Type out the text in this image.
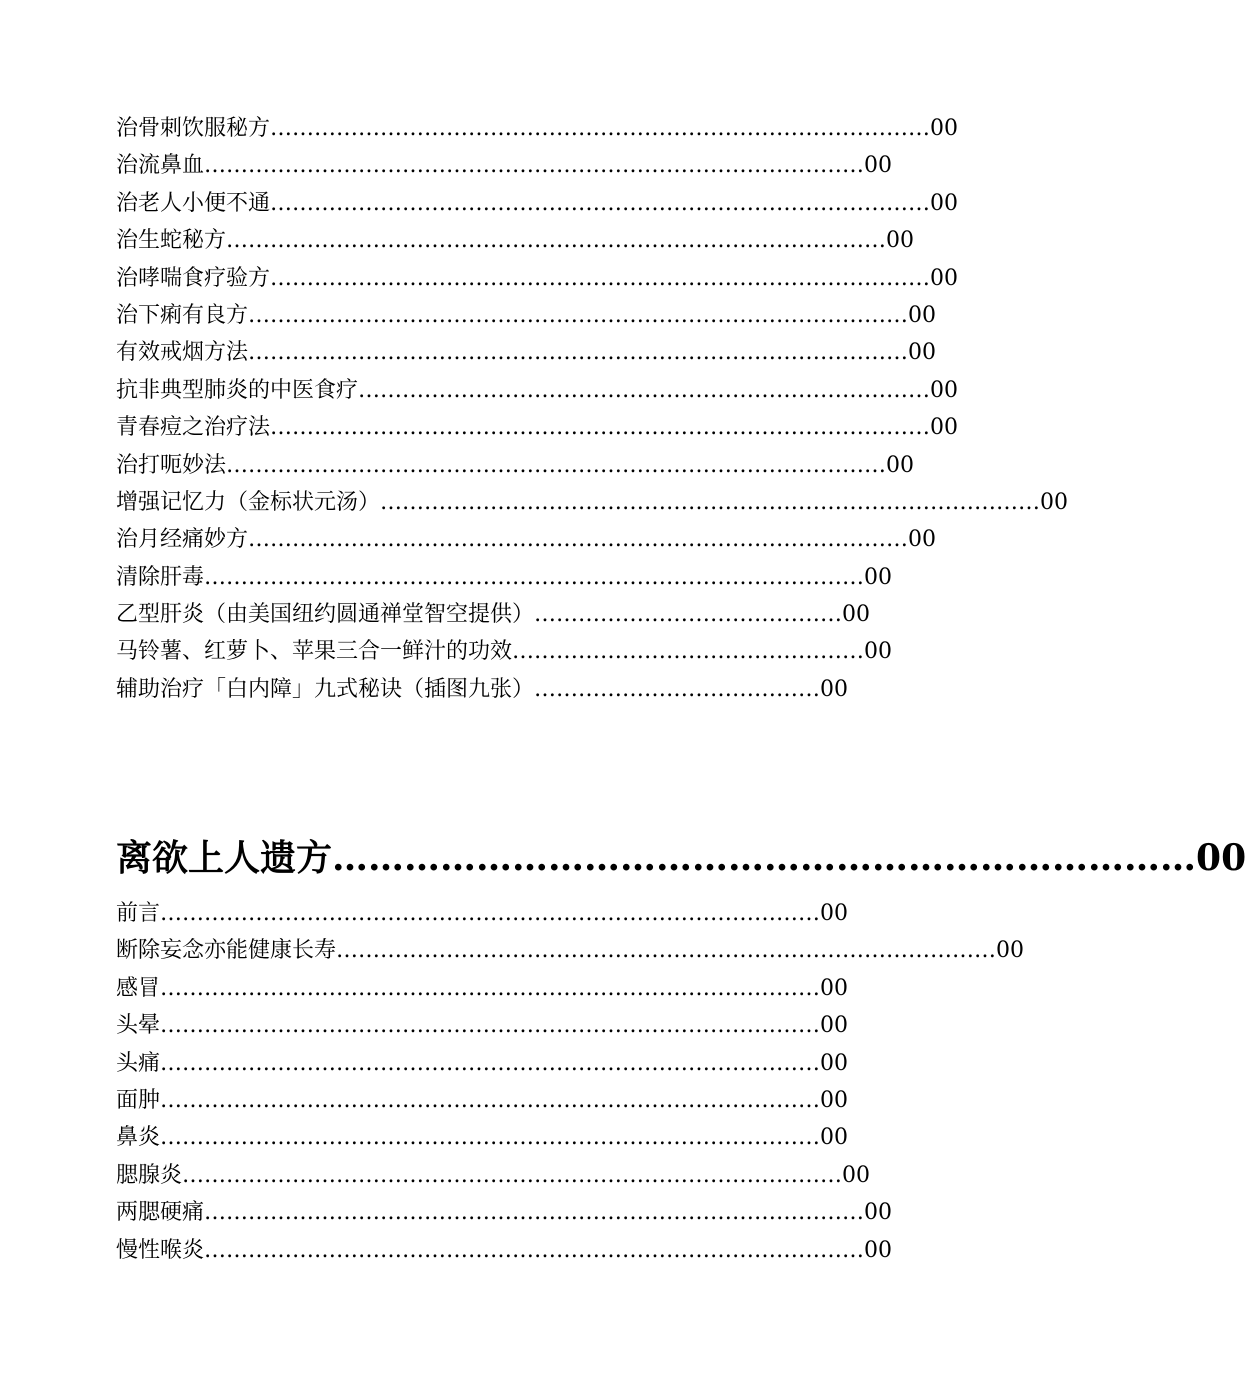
治骨刺饮服秘方………………………………………………………………………………00
治流鼻血………………………………………………………………………………00
治老人小便不通………………………………………………………………………………00
治生蛇秘方………………………………………………………………………………00
治哮喘食疗验方………………………………………………………………………………00
治下痢有良方………………………………………………………………………………00
有效戒烟方法………………………………………………………………………………00
抗非典型肺炎的中医食疗……………………………………………………………………00
青春痘之治疗法………………………………………………………………………………00
治打呃妙法………………………………………………………………………………00
增强记忆力（金标状元汤）………………………………………………………………………………00
治月经痛妙方………………………………………………………………………………00
清除肝毒………………………………………………………………………………00
乙型肝炎（由美国纽约圆通禅堂智空提供）……………………………………00
马铃薯、红萝卜、苹果三合一鲜汁的功效…………………………………………00
辅助治疗「白内障」九式秘诀（插图九张）…………………………………00
离欲上人遗方………………………………………………………………00
前言………………………………………………………………………………00
断除妄念亦能健康长寿………………………………………………………………………………00
感冒………………………………………………………………………………00
头晕………………………………………………………………………………00
头痛………………………………………………………………………………00
面肿………………………………………………………………………………00
鼻炎………………………………………………………………………………00
腮腺炎………………………………………………………………………………00
两腮硬痛………………………………………………………………………………00
慢性喉炎………………………………………………………………………………00
